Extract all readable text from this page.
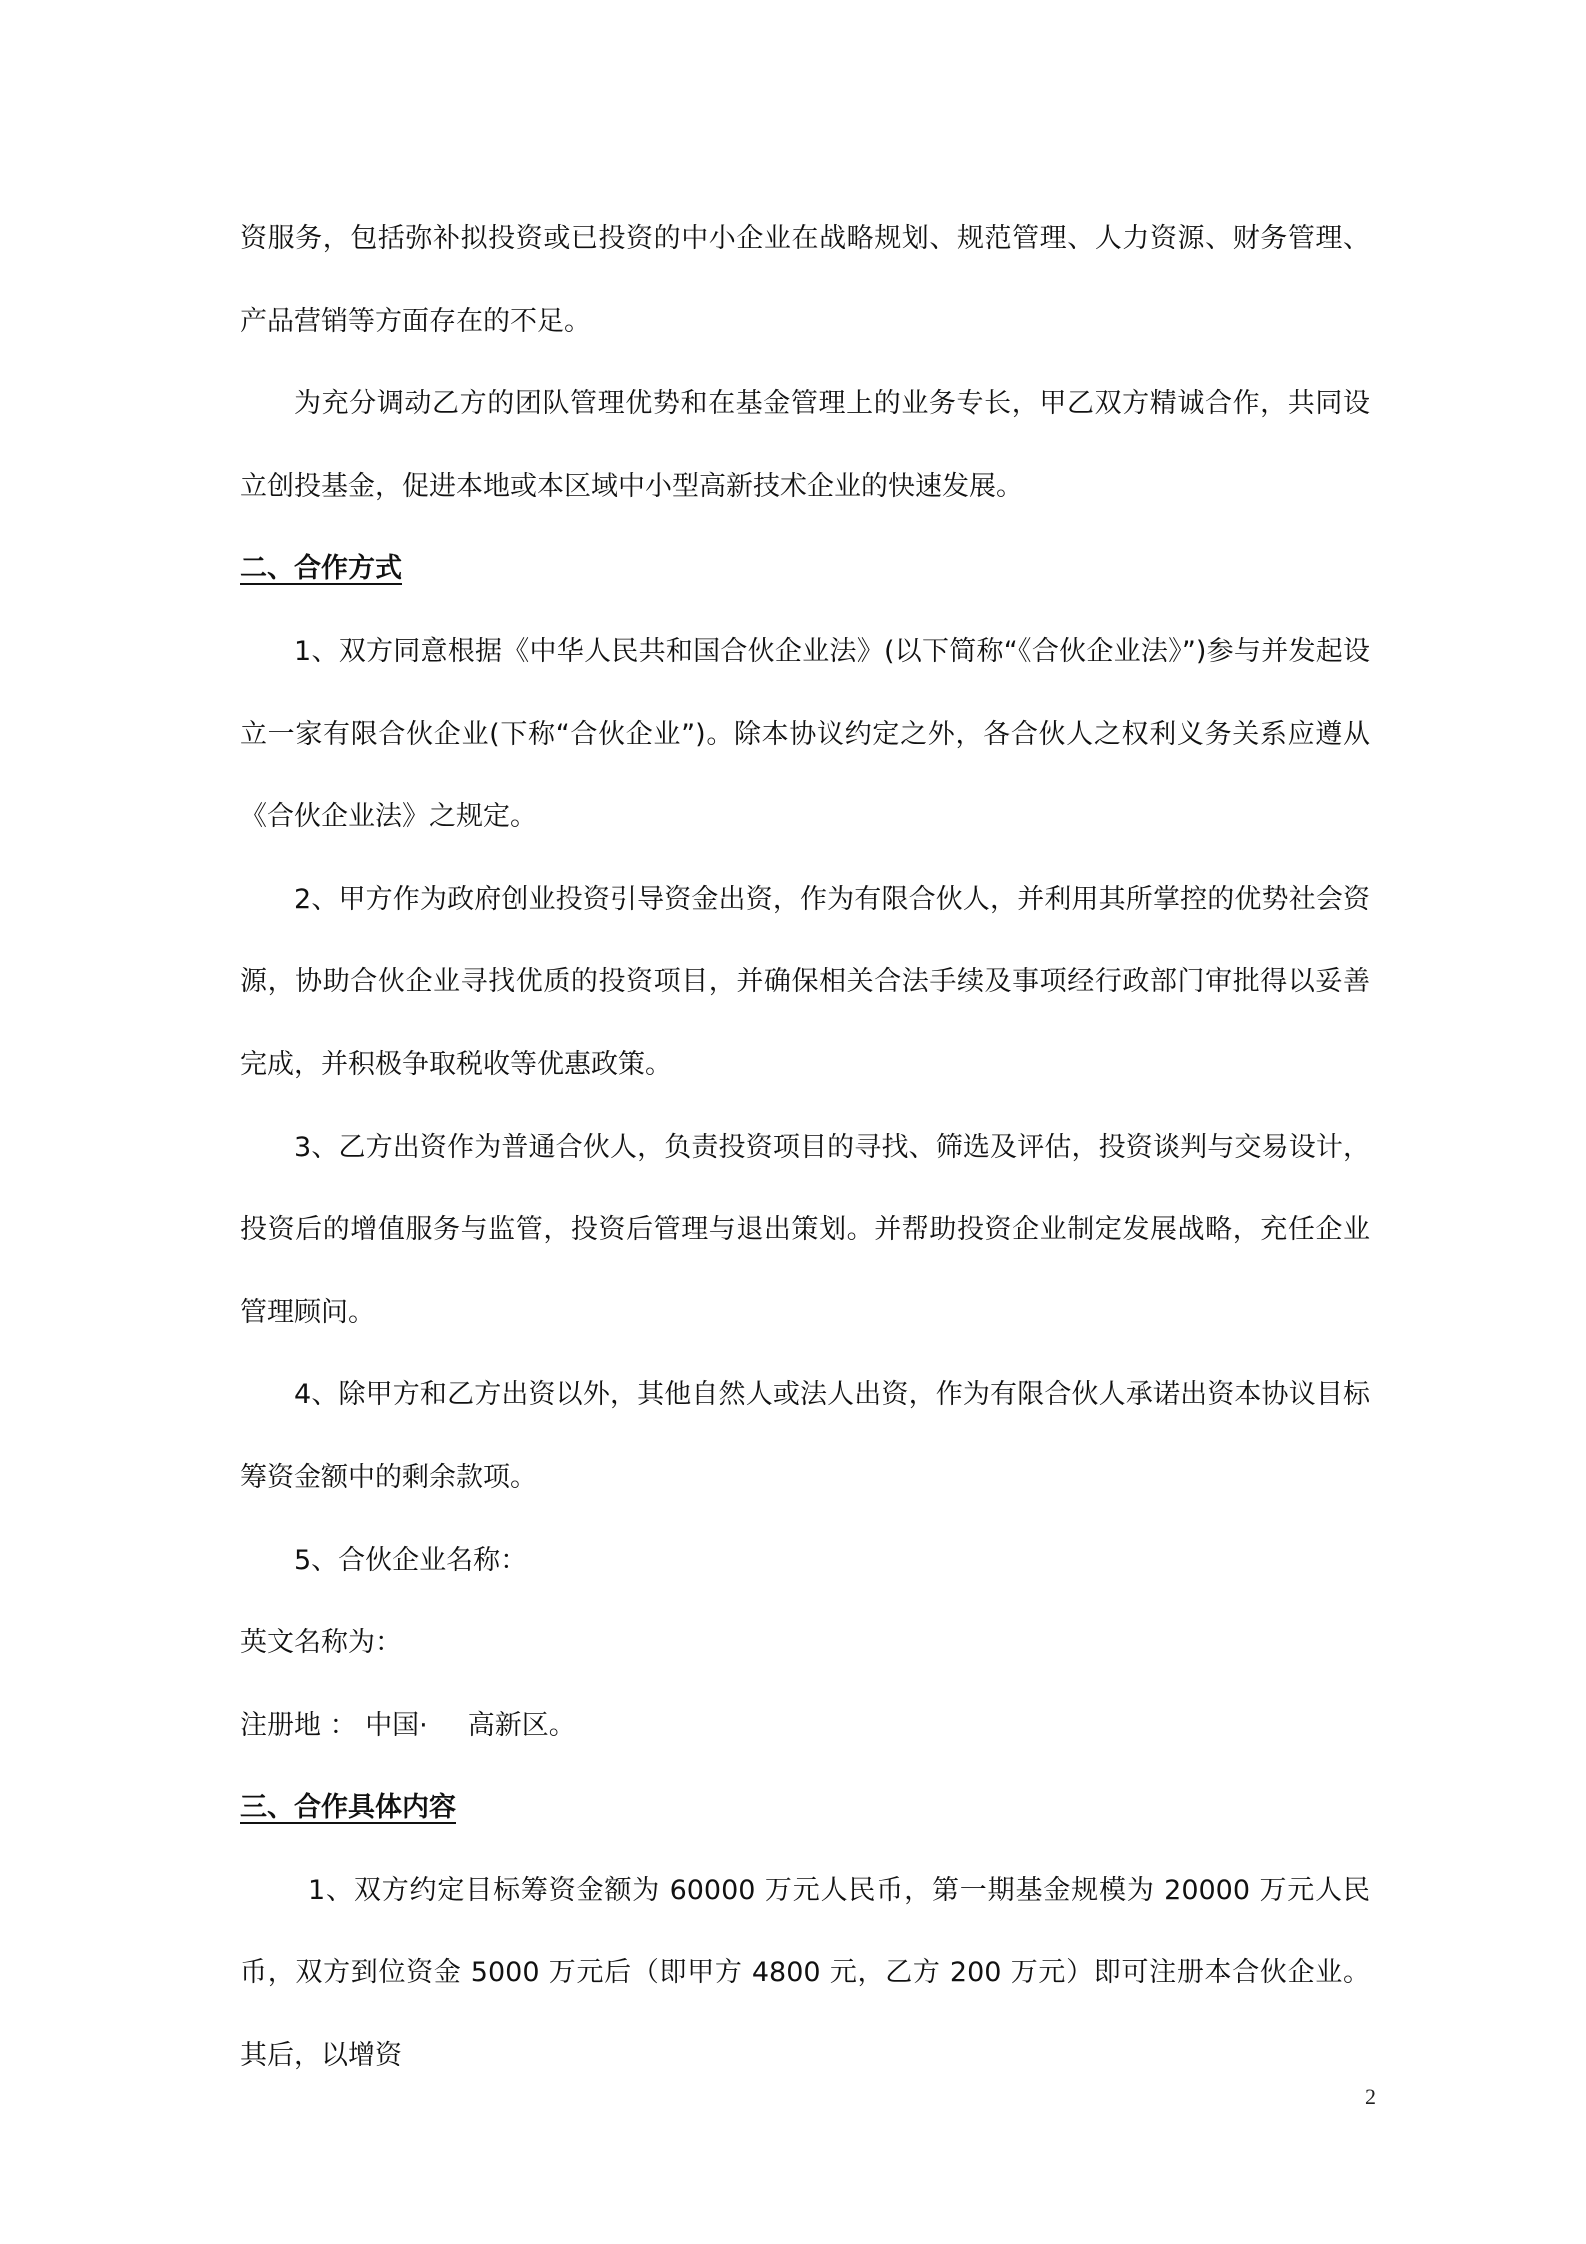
资服务，包括弥补拟投资或已投资的中小企业在战略规划、规范管理、人力资源、财务管理、产品营销等方面存在的不足。

为充分调动乙方的团队管理优势和在基金管理上的业务专长，甲乙双方精诚合作，共同设立创投基金，促进本地或本区域中小型高新技术企业的快速发展。

二、合作方式

1、双方同意根据《中华人民共和国合伙企业法》(以下简称“《合伙企业法》”)参与并发起设立一家有限合伙企业(下称“合伙企业”)。除本协议约定之外，各合伙人之权利义务关系应遵从《合伙企业法》之规定。

2、甲方作为政府创业投资引导资金出资，作为有限合伙人，并利用其所掌控的优势社会资源，协助合伙企业寻找优质的投资项目，并确保相关合法手续及事项经行政部门审批得以妥善完成，并积极争取税收等优惠政策。

3、乙方出资作为普通合伙人，负责投资项目的寻找、筛选及评估，投资谈判与交易设计，投资后的增值服务与监管，投资后管理与退出策划。并帮助投资企业制定发展战略，充任企业管理顾问。

4、除甲方和乙方出资以外，其他自然人或法人出资，作为有限合伙人承诺出资本协议目标筹资金额中的剩余款项。

5、合伙企业名称：

英文名称为：

注册地 ： 中国· 高新区。

三、合作具体内容

1、双方约定目标筹资金额为 60000 万元人民币，第一期基金规模为 20000 万元人民币，双方到位资金 5000 万元后（即甲方 4800 元，乙方 200 万元）即可注册本合伙企业。其后，以增资

2
